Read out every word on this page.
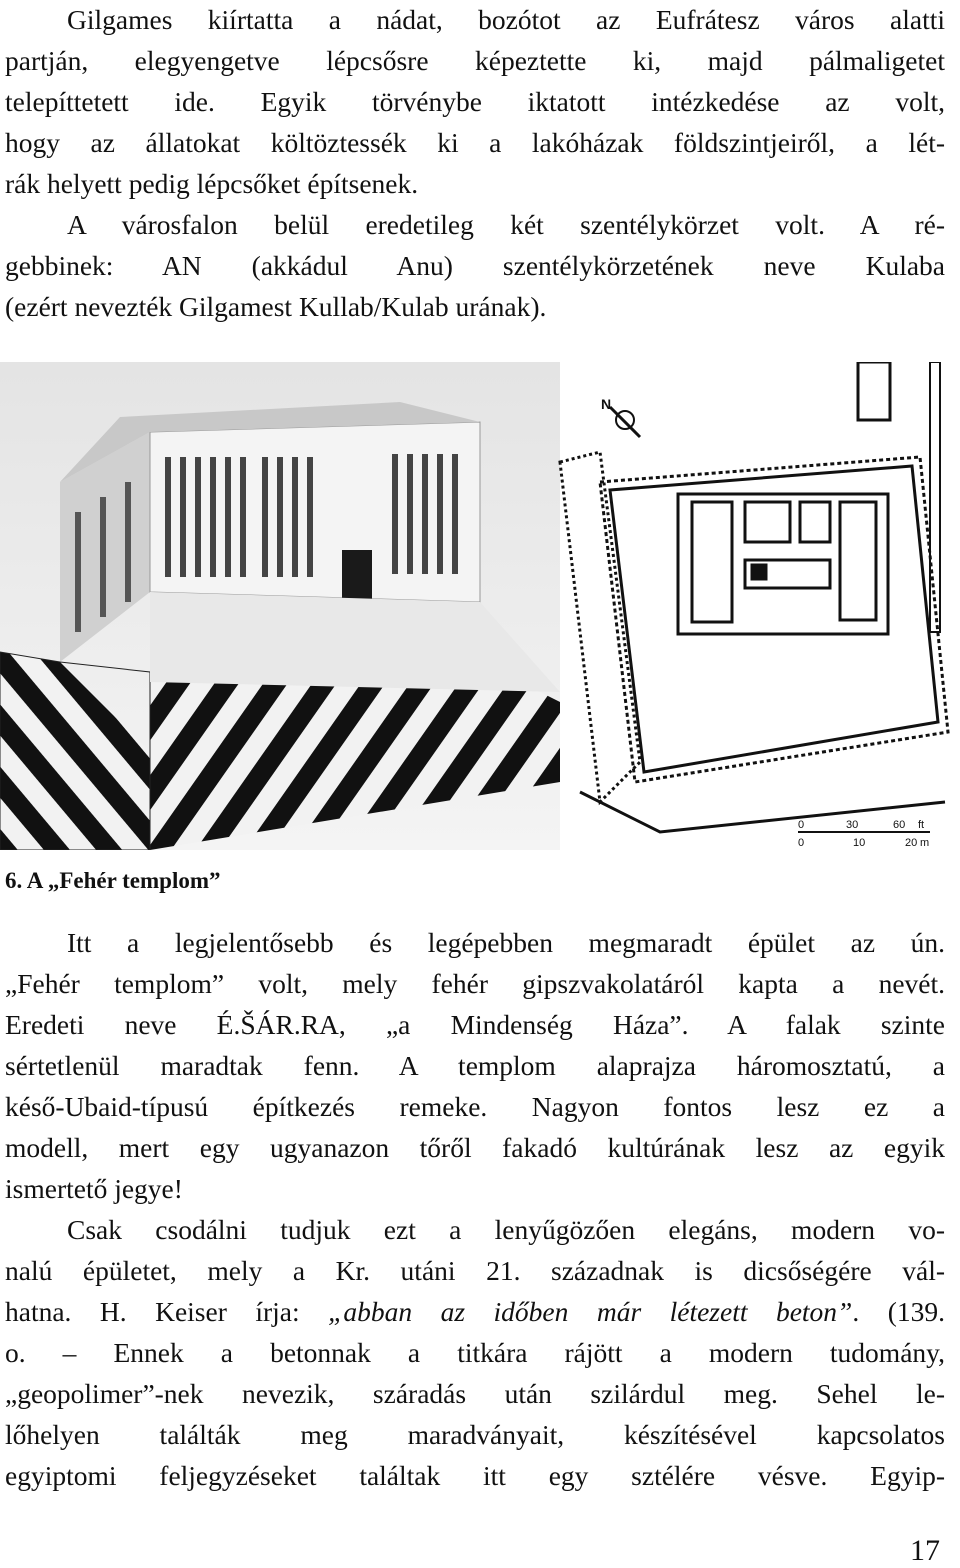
Gilgames kiírtatta a nádat, bozótot az Eufrátesz város alatti
partján, elegyengetve lépcsősre képeztette ki, majd pálmaligetet
telepíttetett ide. Egyik törvénybe iktatott intézkedése az volt,
hogy az állatokat költöztessék ki a lakóházak földszintjeiről, a lét-
rák helyett pedig lépcsőket építsenek.
A városfalon belül eredetileg két szentélykörzet volt. A ré-
gebbinek: AN (akkádul Anu) szentélykörzetének neve Kulaba
(ezért nevezték Gilgamest Kullab/Kulab urának).
N
0	30	60 ft
0	10	20 m

6. A „Fehér templom”

Itt a legjelentősebb és legépebben megmaradt épület az ún.
„Fehér templom” volt, mely fehér gipszvakolatáról kapta a nevét.
Eredeti neve É.ŠÁR.RA, „a Mindenség Háza”. A falak szinte
sértetlenül maradtak fenn. A templom alaprajza háromosztatú, a
késő-Ubaid-típusú építkezés remeke. Nagyon fontos lesz ez a
modell, mert egy ugyanazon tőről fakadó kultúrának lesz az egyik
ismertető jegye!
Csak csodálni tudjuk ezt a lenyűgözően elegáns, modern vo-
nalú épületet, mely a Kr. utáni 21. századnak is dicsőségére vál-
hatna. H. Keiser írja: „abban az időben már létezett beton”. (139.
o. – Ennek a betonnak a titkára rájött a modern tudomány,
„geopolimer”-nek nevezik, száradás után szilárdul meg. Sehel le-
lőhelyen találták meg maradványait, készítésével kapcsolatos
egyiptomi feljegyzéseket találtak itt egy sztélére vésve. Egyip-

17
